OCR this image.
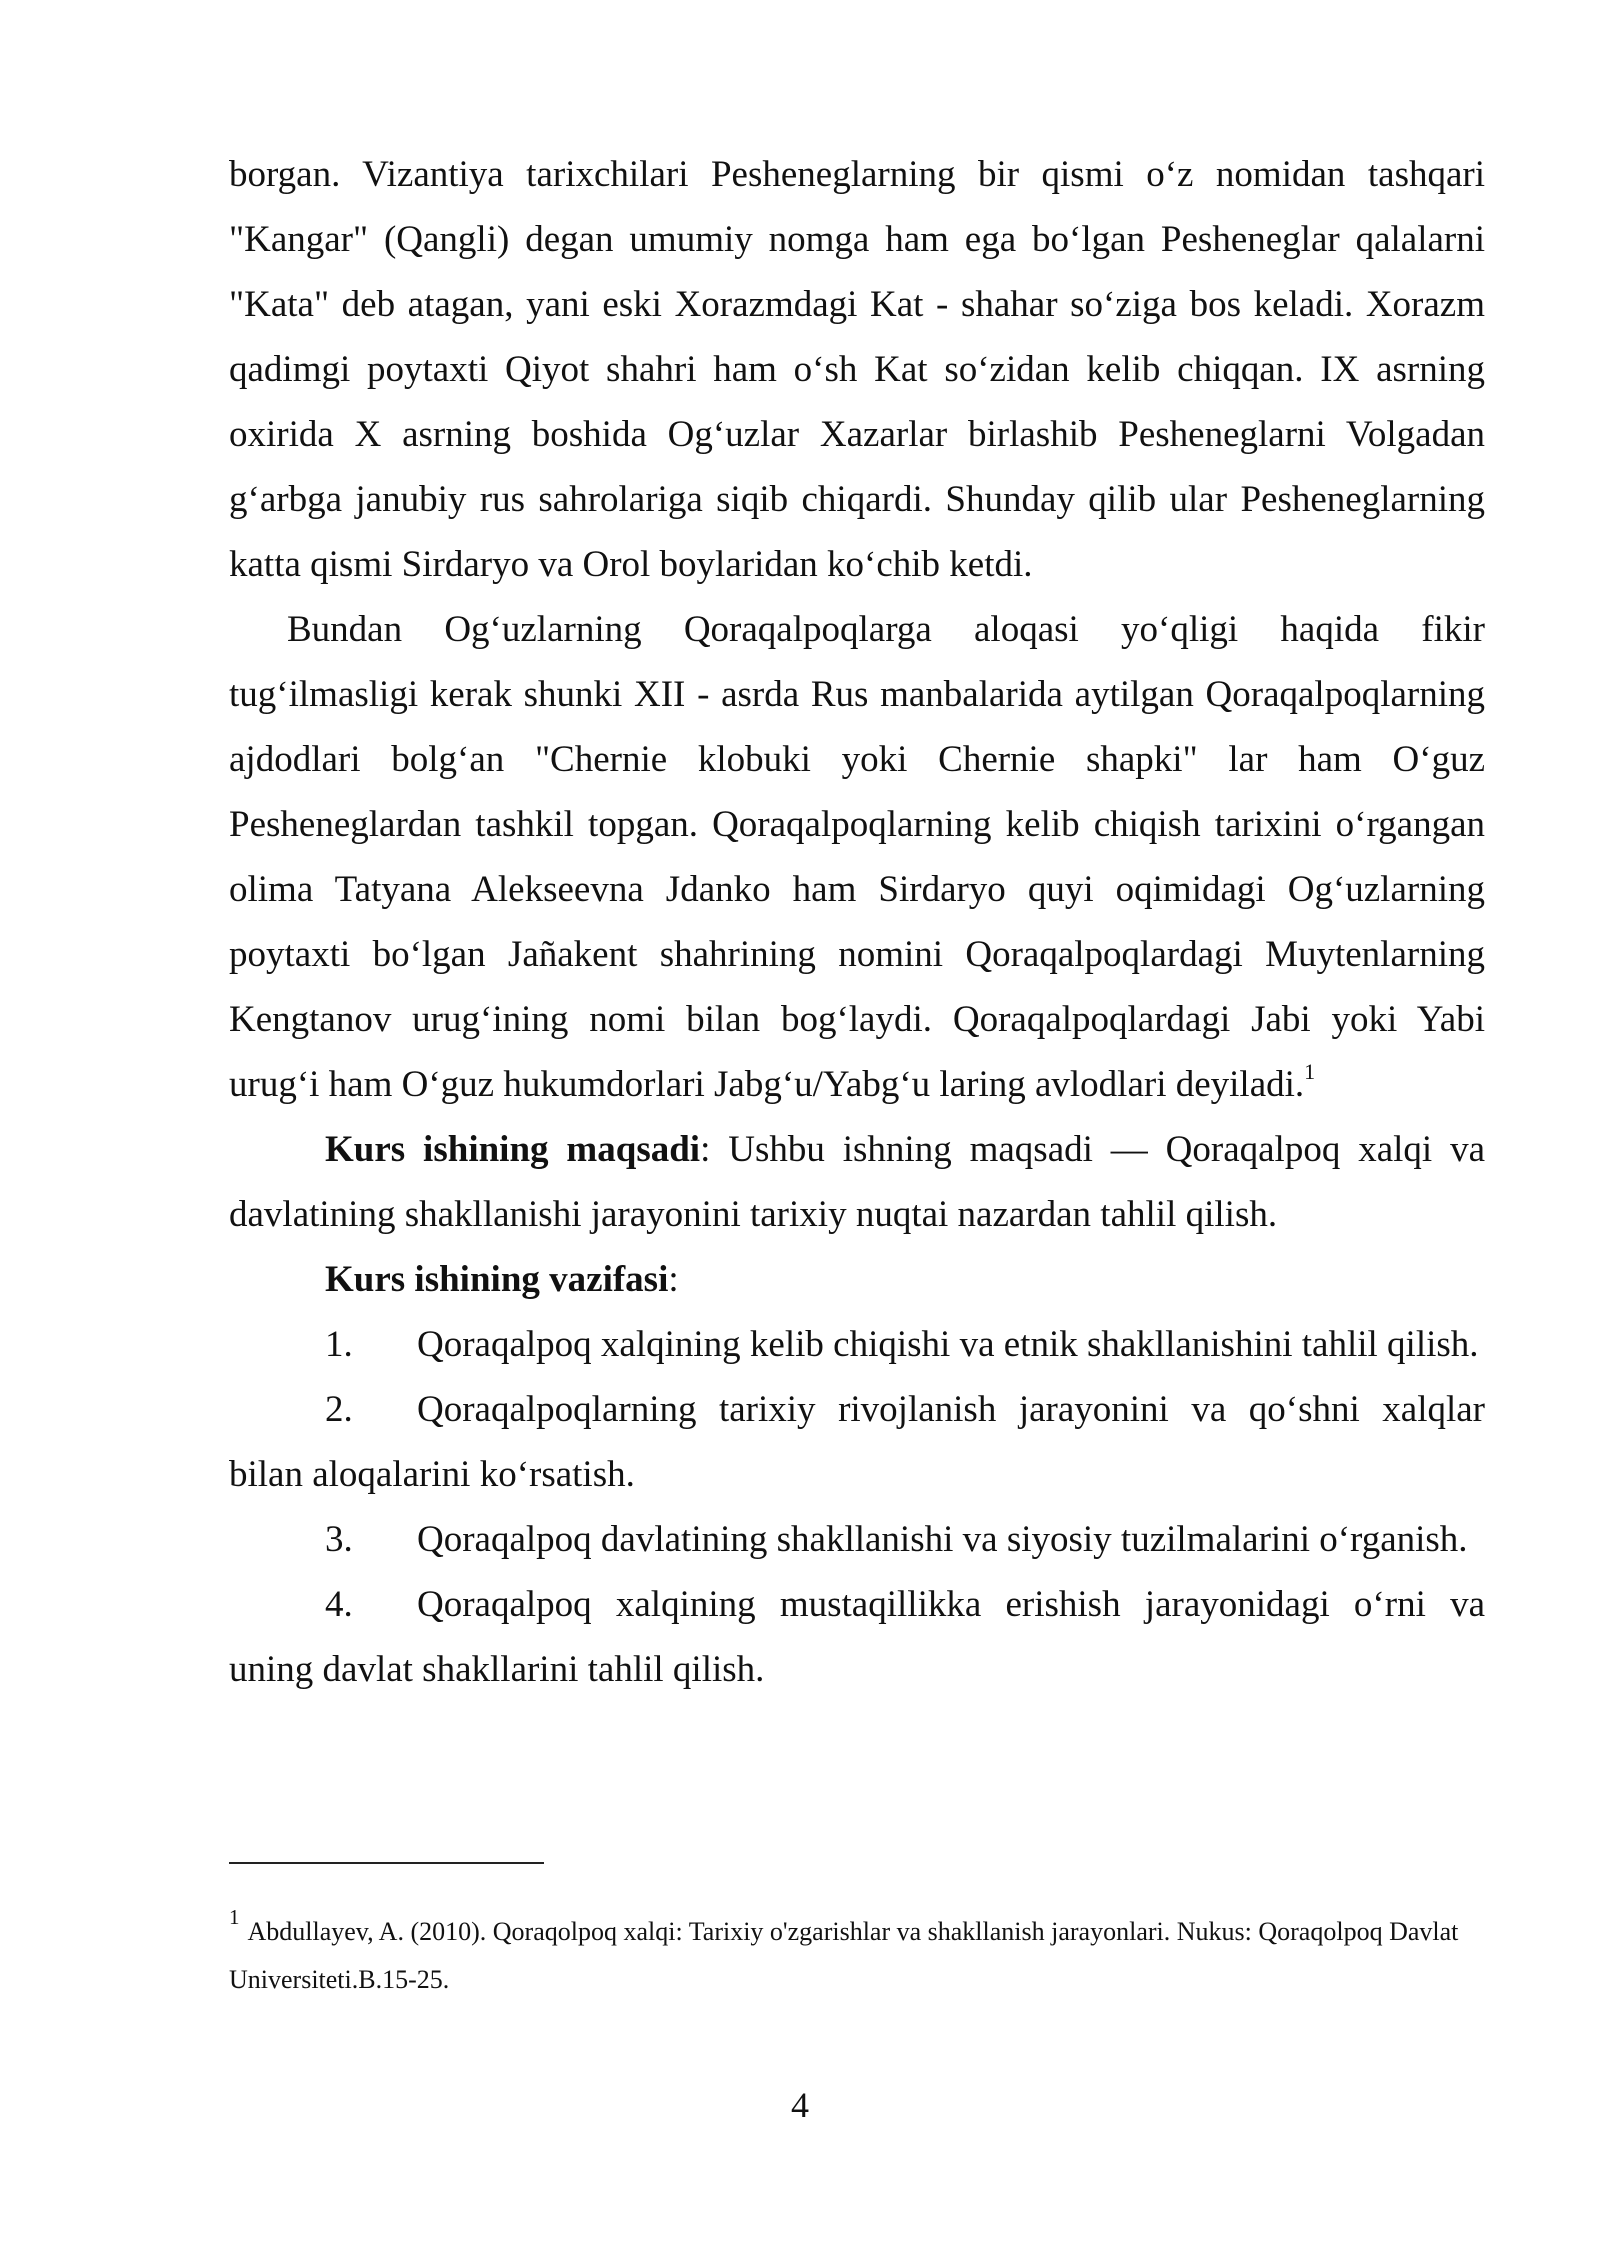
borgan. Vizantiya tarixchilari Pesheneglarning bir qismi o‘z nomidan tashqari "Kangar" (Qangli) degan umumiy nomga ham ega bo‘lgan Pesheneglar qalalarni "Kata" deb atagan, yani eski Xorazmdagi Kat - shahar so‘ziga bos keladi. Xorazm qadimgi poytaxti Qiyot shahri ham o‘sh Kat so‘zidan kelib chiqqan. IX asrning oxirida X asrning boshida Og‘uzlar Xazarlar birlashib Pesheneglarni Volgadan g‘arbga janubiy rus sahrolariga siqib chiqardi. Shunday qilib ular Pesheneglarning katta qismi Sirdaryo va Orol boylaridan ko‘chib ketdi.

Bundan Og‘uzlarning Qoraqalpoqlarga aloqasi yo‘qligi haqida fikir tug‘ilmasligi kerak shunki XII - asrda Rus manbalarida aytilgan Qoraqalpoqlarning ajdodlari bolg‘an "Chernie klobuki yoki Chernie shapki" lar ham O‘guz Pesheneglardan tashkil topgan. Qoraqalpoqlarning kelib chiqish tarixini o‘rgangan olima Tatyana Alekseevna Jdanko ham Sirdaryo quyi oqimidagi Og‘uzlarning poytaxti bo‘lgan Jañakent shahrining nomini Qoraqalpoqlardagi Muytenlarning Kengtanov urug‘ining nomi bilan bog‘laydi. Qoraqalpoqlardagi Jabi yoki Yabi urug‘i ham O‘guz hukumdorlari Jabg‘u/Yabg‘u laring avlodlari deyiladi.$^1$

Kurs ishining maqsadi: Ushbu ishning maqsadi — Qoraqalpoq xalqi va davlatining shakllanishi jarayonini tarixiy nuqtai nazardan tahlil qilish.

Kurs ishining vazifasi:

1. Qoraqalpoq xalqining kelib chiqishi va etnik shakllanishini tahlil qilish.

2. Qoraqalpoqlarning tarixiy rivojlanish jarayonini va qo‘shni xalqlar bilan aloqalarini ko‘rsatish.

3. Qoraqalpoq davlatining shakllanishi va siyosiy tuzilmalarini o‘rganish.

4. Qoraqalpoq xalqining mustaqillikka erishish jarayonidagi o‘rni va uning davlat shakllarini tahlil qilish.

$^1$ Abdullayev, A. (2010). Qoraqolpoq xalqi: Tarixiy o'zgarishlar va shakllanish jarayonlari. Nukus: Qoraqolpoq Davlat Universiteti.B.15-25.

4
